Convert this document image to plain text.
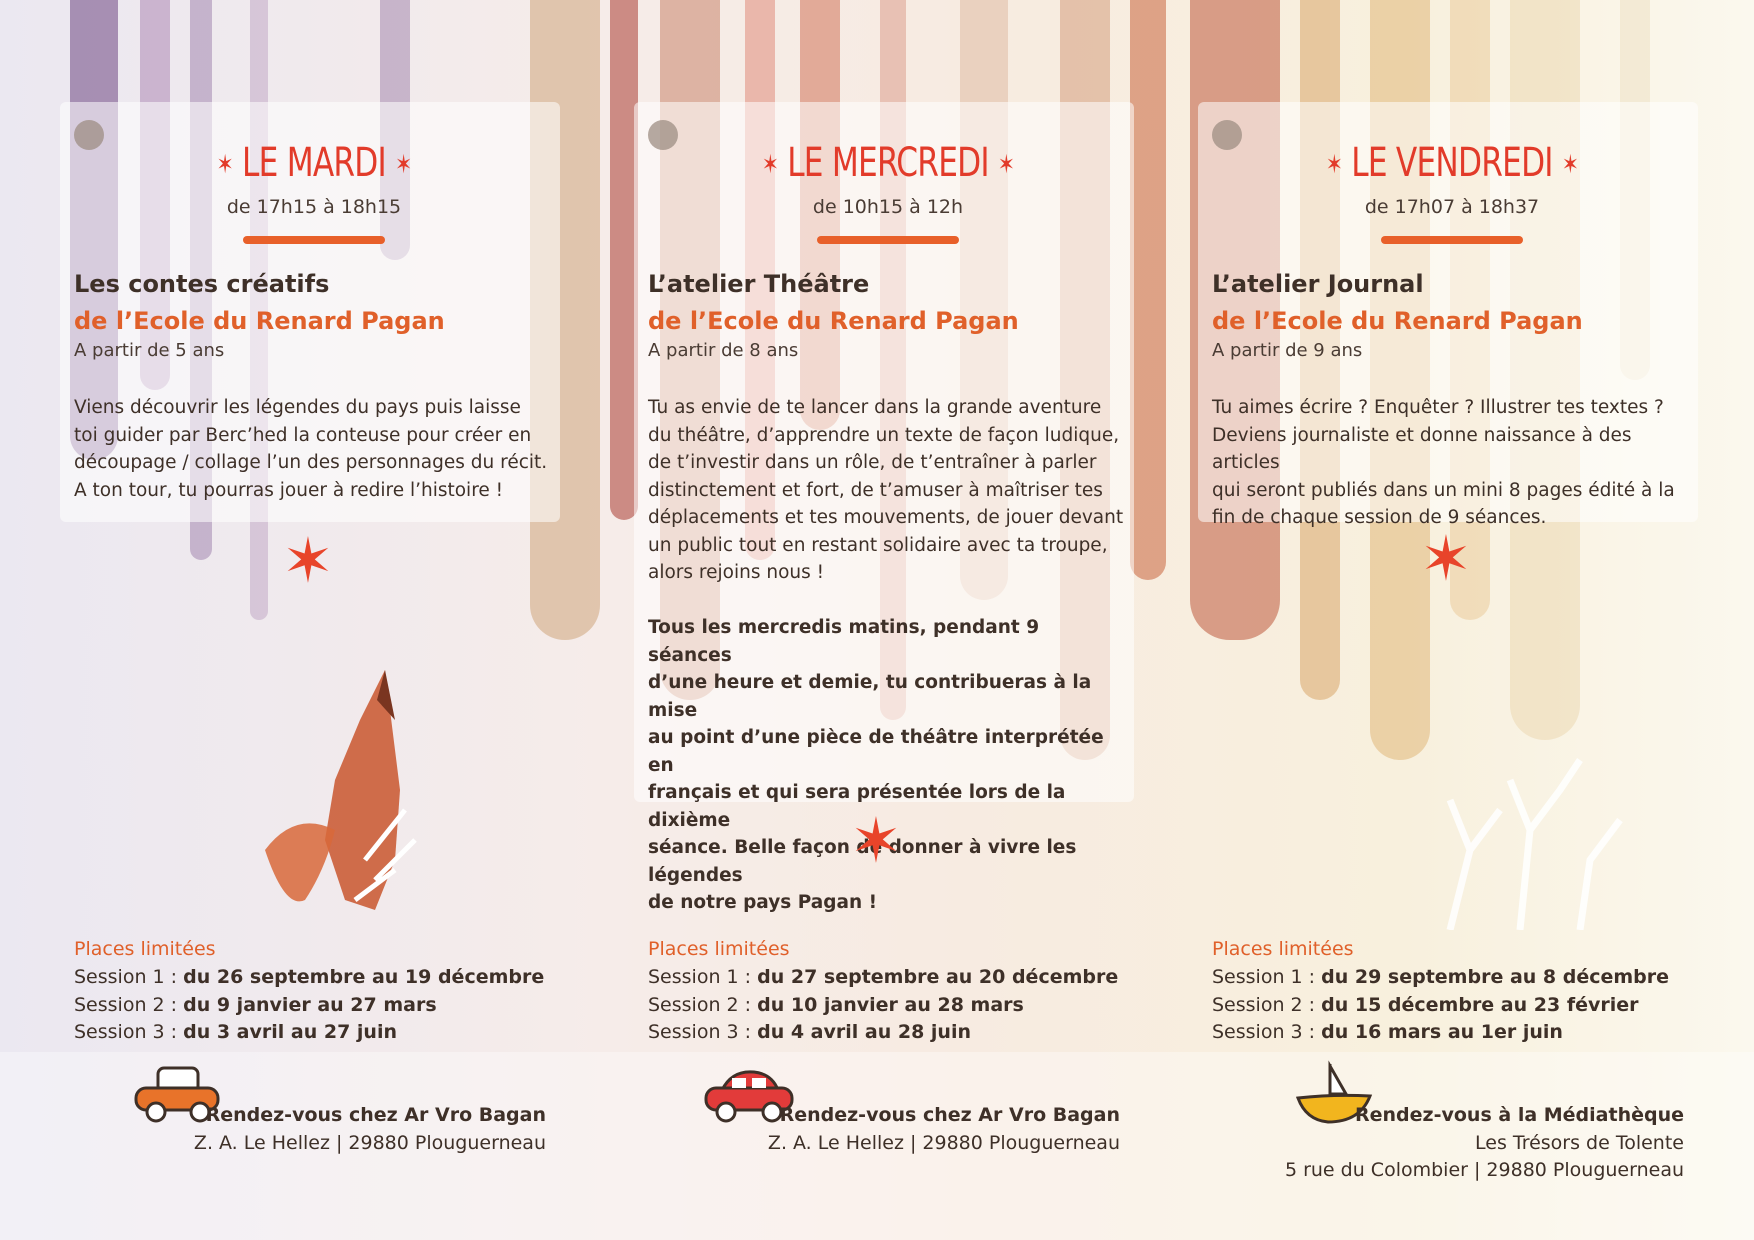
✶ LE MARDI ✶
de 17h15 à 18h15
Les contes créatifs
de l’Ecole du Renard Pagan
A partir de 5 ans
Viens découvrir les légendes du pays puis laisse
toi guider par Berc’hed la conteuse pour créer en
découpage / collage l’un des personnages du récit.
A ton tour, tu pourras jouer à redire l’histoire !
✶
Places limitées
Session 1 : du 26 septembre au 19 décembre
Session 2 : du 9 janvier au 27 mars
Session 3 : du 3 avril au 27 juin
Rendez-vous chez Ar Vro Bagan
Z. A. Le Hellez | 29880 Plouguerneau
✶ LE MERCREDI ✶
de 10h15 à 12h
L’atelier Théâtre
de l’Ecole du Renard Pagan
A partir de 8 ans
Tu as envie de te lancer dans la grande aventure
du théâtre, d’apprendre un texte de façon ludique,
de t’investir dans un rôle, de t’entraîner à parler
distinctement et fort, de t’amuser à maîtriser tes
déplacements et tes mouvements, de jouer devant
un public tout en restant solidaire avec ta troupe,
alors rejoins nous !
Tous les mercredis matins, pendant 9 séances
d’une heure et demie, tu contribueras à la mise
au point d’une pièce de théâtre interprétée en
français et qui sera présentée lors de la dixième
séance. Belle façon de donner à vivre les légendes
de notre pays Pagan !
✶
Places limitées
Session 1 : du 27 septembre au 20 décembre
Session 2 : du 10 janvier au 28 mars
Session 3 : du 4 avril au 28 juin
Rendez-vous chez Ar Vro Bagan
Z. A. Le Hellez | 29880 Plouguerneau
✶ LE VENDREDI ✶
de 17h07 à 18h37
L’atelier Journal
de l’Ecole du Renard Pagan
A partir de 9 ans
Tu aimes écrire ? Enquêter ? Illustrer tes textes ?
Deviens journaliste et donne naissance à des articles
qui seront publiés dans un mini 8 pages édité à la
fin de chaque session de 9 séances.
✶
Places limitées
Session 1 : du 29 septembre au 8 décembre
Session 2 : du 15 décembre au 23 février
Session 3 : du 16 mars au 1er juin
Rendez-vous à la Médiathèque
Les Trésors de Tolente
5 rue du Colombier | 29880 Plouguerneau
